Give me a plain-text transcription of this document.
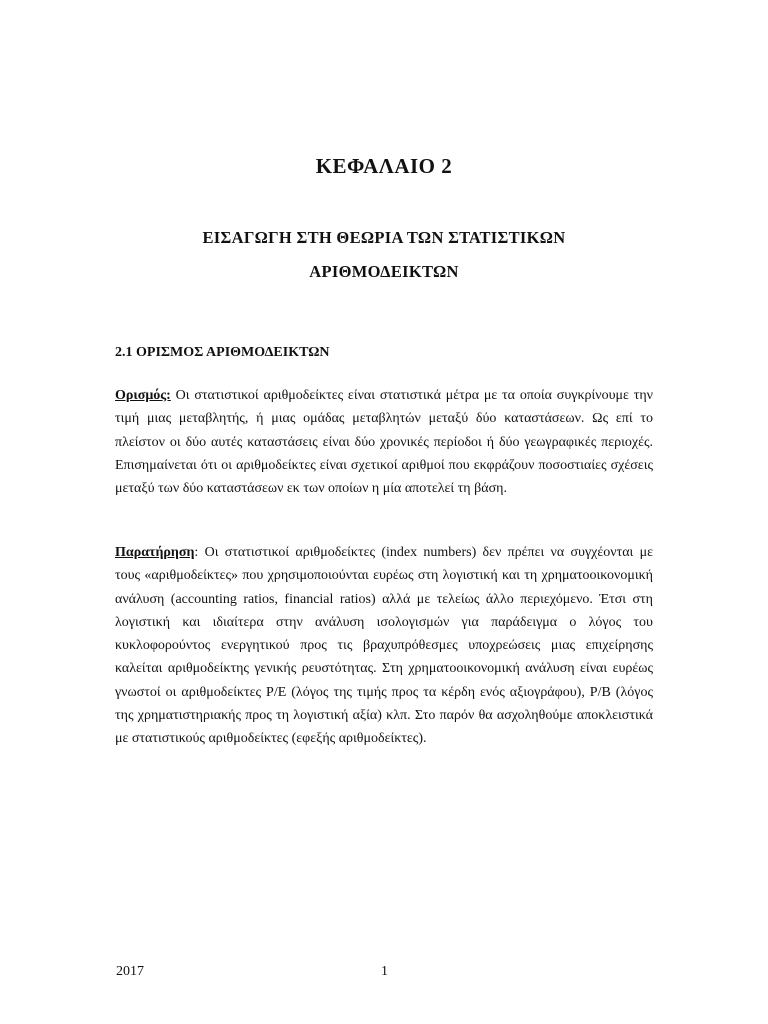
ΚΕΦΑΛΑΙΟ 2
ΕΙΣΑΓΩΓΗ ΣΤΗ ΘΕΩΡΙΑ ΤΩΝ ΣΤΑΤΙΣΤΙΚΩΝ
ΑΡΙΘΜΟΔΕΙΚΤΩΝ
2.1 ΟΡΙΣΜΟΣ ΑΡΙΘΜΟΔΕΙΚΤΩΝ

Ορισμός: Οι στατιστικοί αριθμοδείκτες είναι στατιστικά μέτρα με τα οποία συγκρίνουμε την τιμή μιας μεταβλητής, ή μιας ομάδας μεταβλητών μεταξύ δύο καταστάσεων. Ως επί το πλείστον οι δύο αυτές καταστάσεις είναι δύο χρονικές περίοδοι ή δύο γεωγραφικές περιοχές. Επισημαίνεται ότι οι αριθμοδείκτες είναι σχετικοί αριθμοί που εκφράζουν ποσοστιαίες σχέσεις μεταξύ των δύο καταστάσεων εκ των οποίων η μία αποτελεί τη βάση.

Παρατήρηση: Οι στατιστικοί αριθμοδείκτες (index numbers) δεν πρέπει να συγχέονται με τους «αριθμοδείκτες» που χρησιμοποιούνται ευρέως στη λογιστική και τη χρηματοοικονομική ανάλυση (accounting ratios, financial ratios) αλλά με τελείως άλλο περιεχόμενο. Έτσι στη λογιστική και ιδιαίτερα στην ανάλυση ισολογισμών για παράδειγμα ο λόγος του κυκλοφορούντος ενεργητικού προς τις βραχυπρόθεσμες υποχρεώσεις μιας επιχείρησης καλείται αριθμοδείκτης γενικής ρευστότητας. Στη χρηματοοικονομική ανάλυση είναι ευρέως γνωστοί οι αριθμοδείκτες P/E (λόγος της τιμής προς τα κέρδη ενός αξιογράφου), P/B (λόγος της χρηματιστηριακής προς τη λογιστική αξία) κλπ. Στο παρόν θα ασχοληθούμε αποκλειστικά με στατιστικούς αριθμοδείκτες (εφεξής αριθμοδείκτες).

2017	1
